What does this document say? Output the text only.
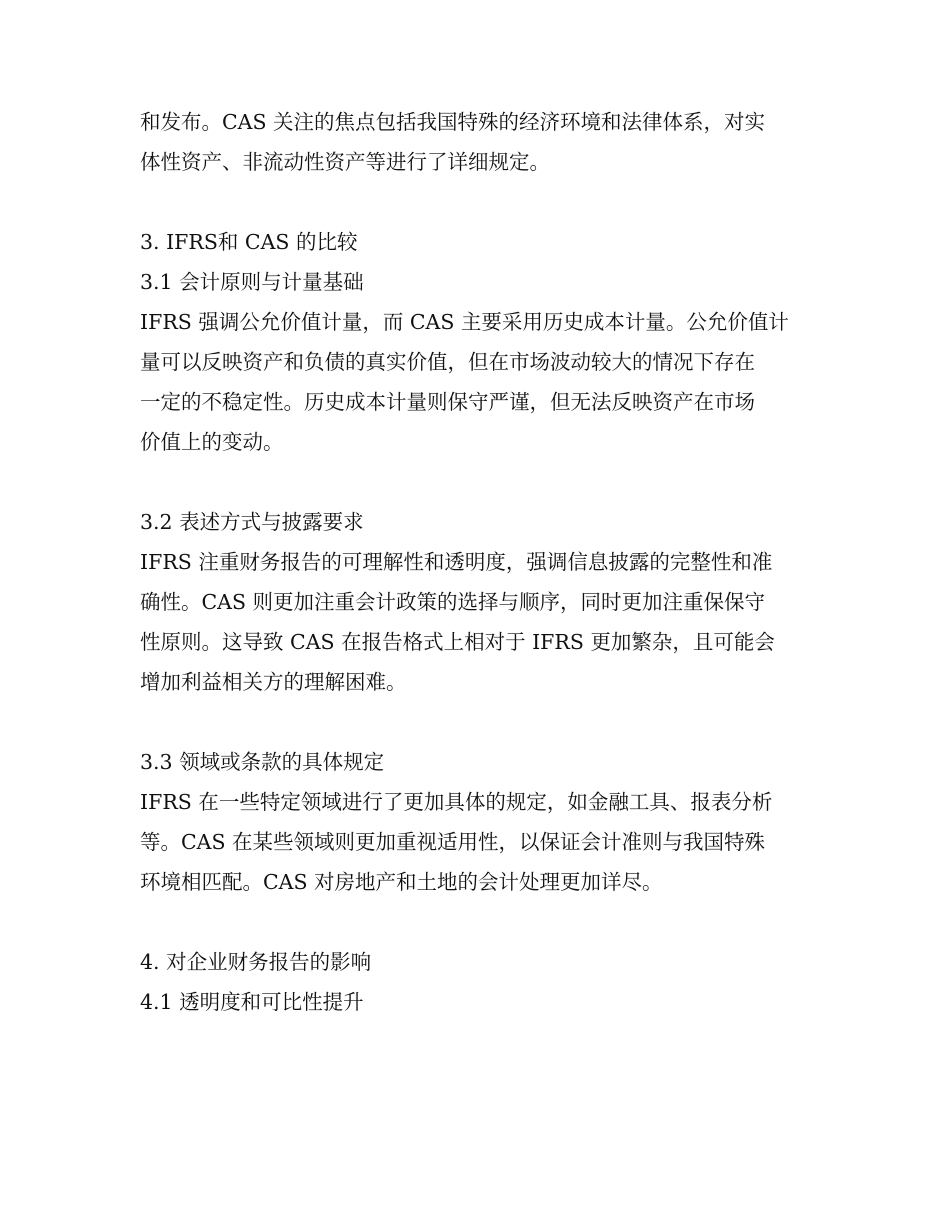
和发布。CAS 关注的焦点包括我国特殊的经济环境和法律体系，对实
体性资产、非流动性资产等进行了详细规定。
3. IFRS和 CAS 的比较
3.1 会计原则与计量基础
IFRS 强调公允价值计量，而 CAS 主要采用历史成本计量。公允价值计
量可以反映资产和负债的真实价值，但在市场波动较大的情况下存在
一定的不稳定性。历史成本计量则保守严谨，但无法反映资产在市场
价值上的变动。
3.2 表述方式与披露要求
IFRS 注重财务报告的可理解性和透明度，强调信息披露的完整性和准
确性。CAS 则更加注重会计政策的选择与顺序，同时更加注重保保守
性原则。这导致 CAS 在报告格式上相对于 IFRS 更加繁杂，且可能会
增加利益相关方的理解困难。
3.3 领域或条款的具体规定
IFRS 在一些特定领域进行了更加具体的规定，如金融工具、报表分析
等。CAS 在某些领域则更加重视适用性，以保证会计准则与我国特殊
环境相匹配。CAS 对房地产和土地的会计处理更加详尽。
4. 对企业财务报告的影响
4.1 透明度和可比性提升
